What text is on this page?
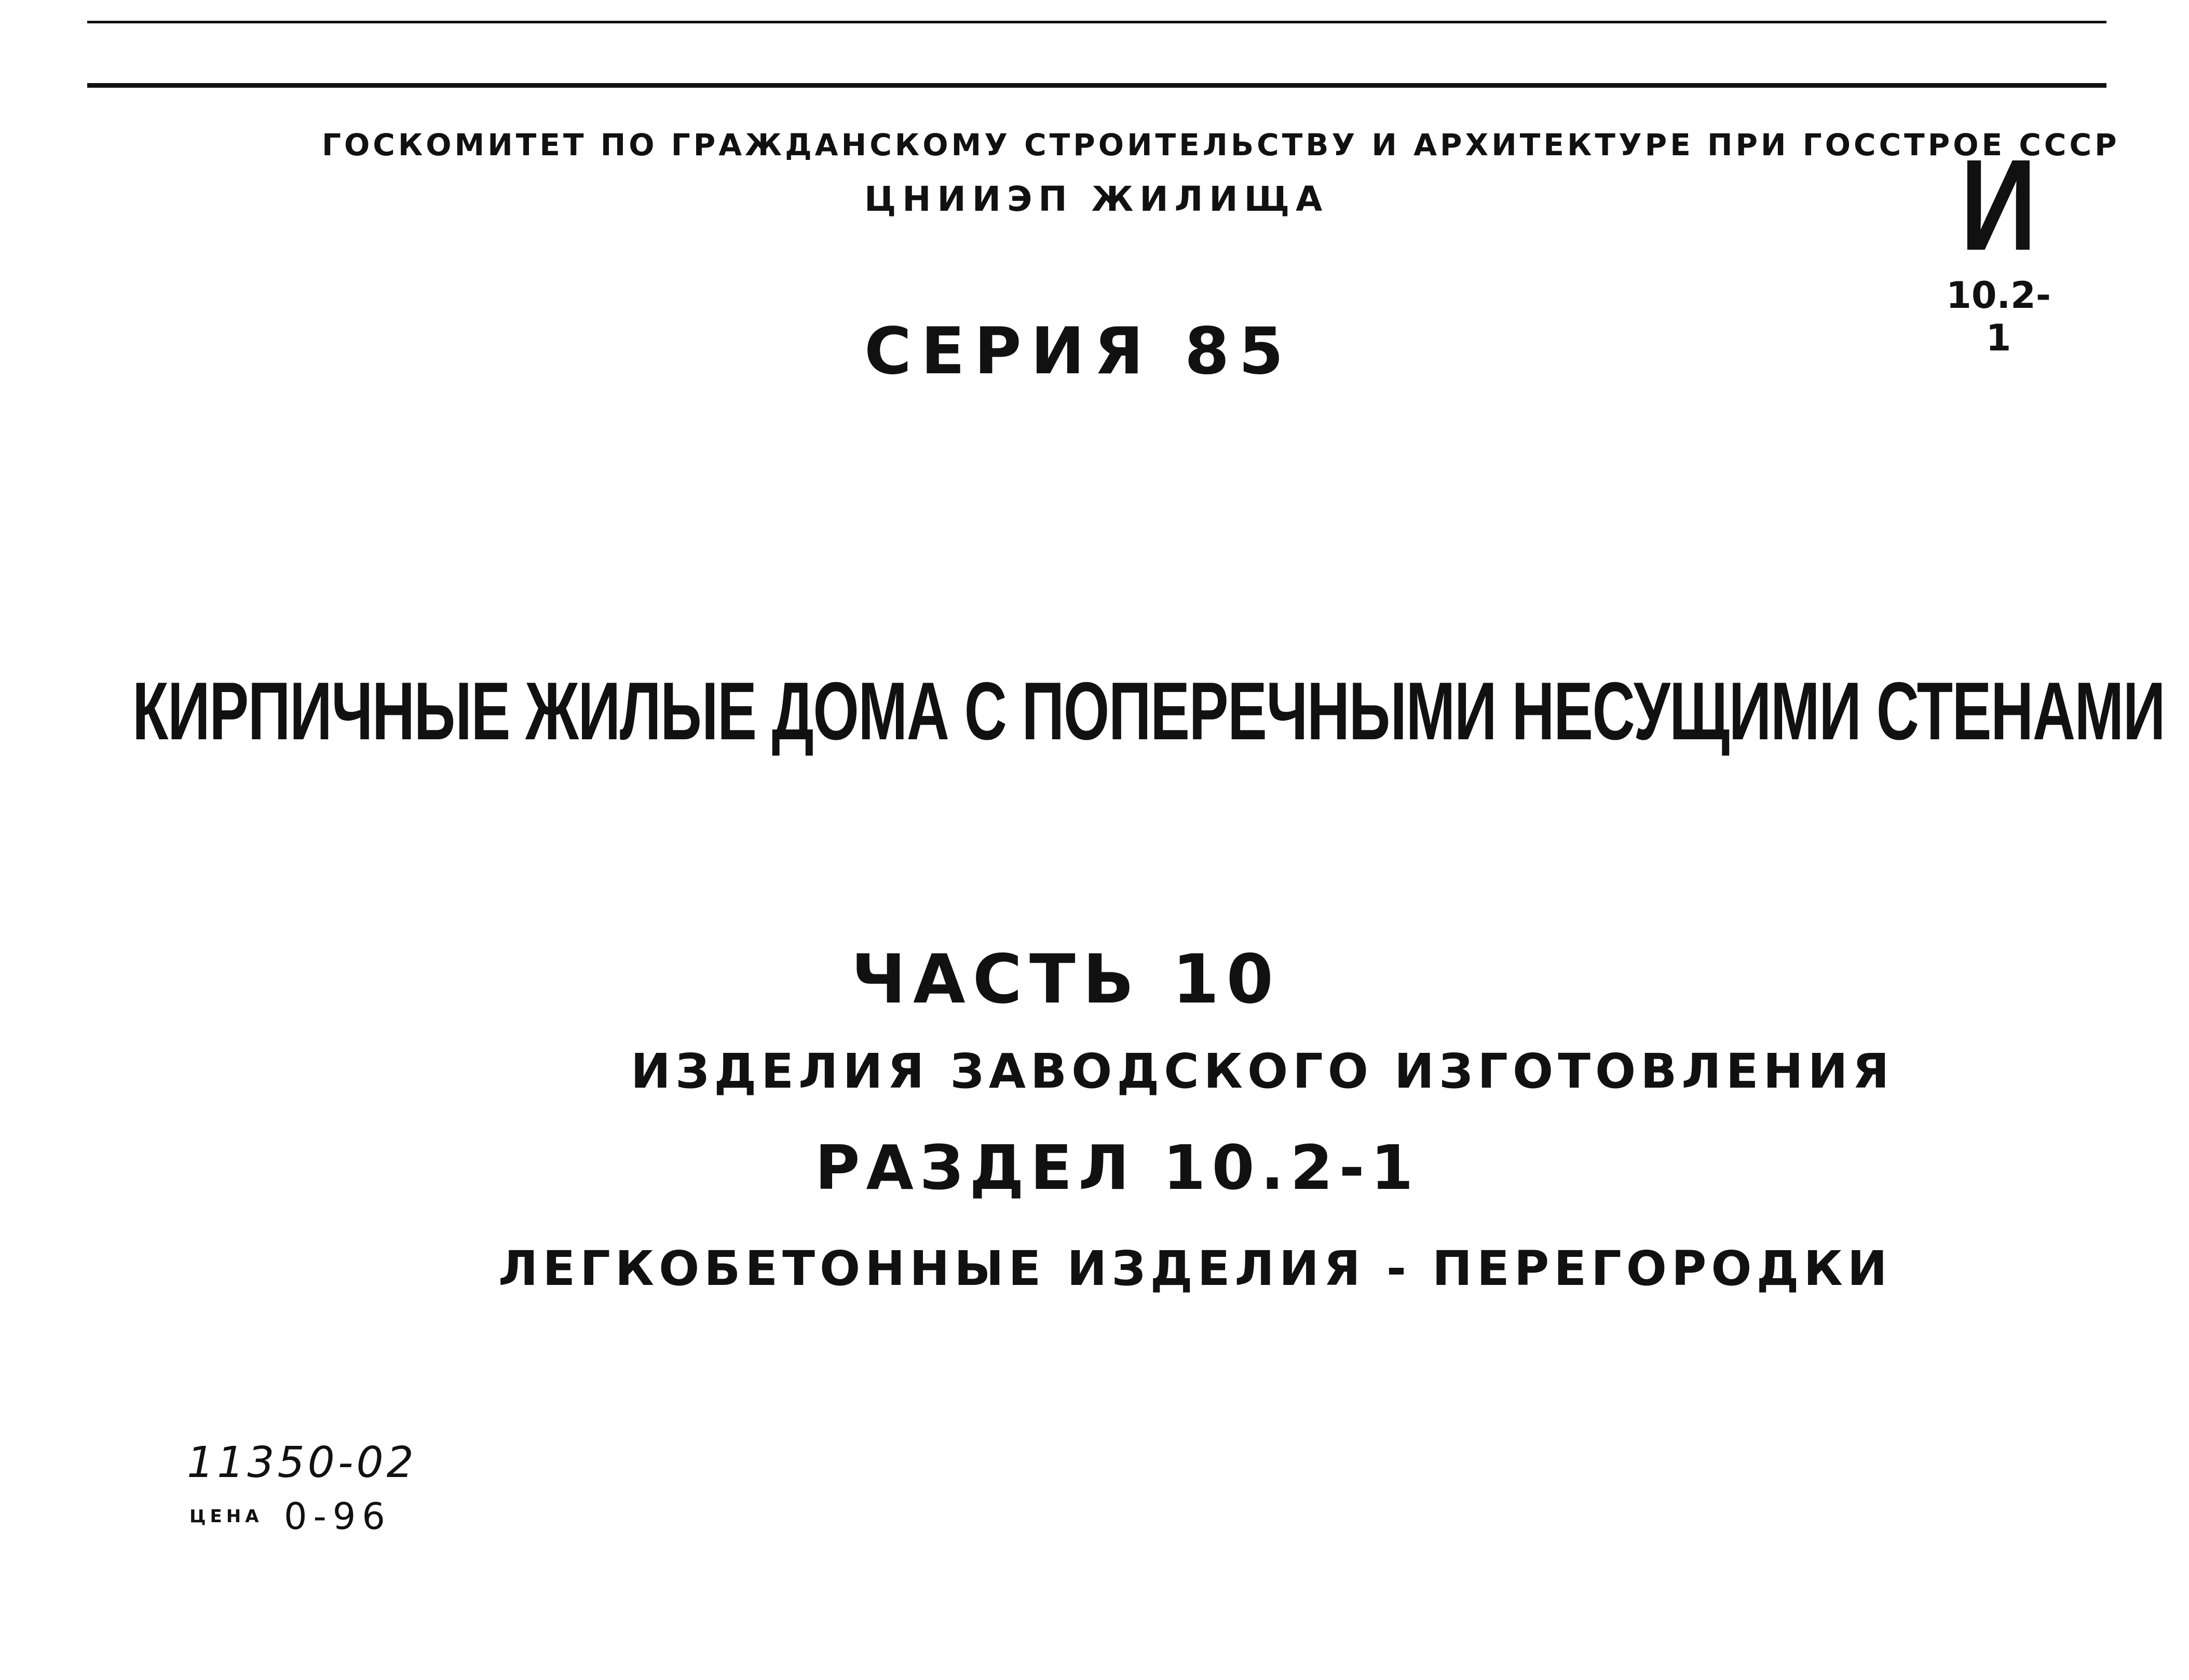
ГОСКОМИТЕТ ПО ГРАЖДАНСКОМУ СТРОИТЕЛЬСТВУ И АРХИТЕКТУРЕ ПРИ ГОССТРОЕ СССР
ЦНИИЭП ЖИЛИЩА
СЕРИЯ 85
И
10.2-1
КИРПИЧНЫЕ ЖИЛЫЕ ДОМА С ПОПЕРЕЧНЫМИ НЕСУЩИМИ СТЕНАМИ
ЧАСТЬ 10
ИЗДЕЛИЯ ЗАВОДСКОГО ИЗГОТОВЛЕНИЯ
РАЗДЕЛ 10.2-1
ЛЕГКОБЕТОННЫЕ ИЗДЕЛИЯ - ПЕРЕГОРОДКИ
11350-02
ЦЕНА 0-96
